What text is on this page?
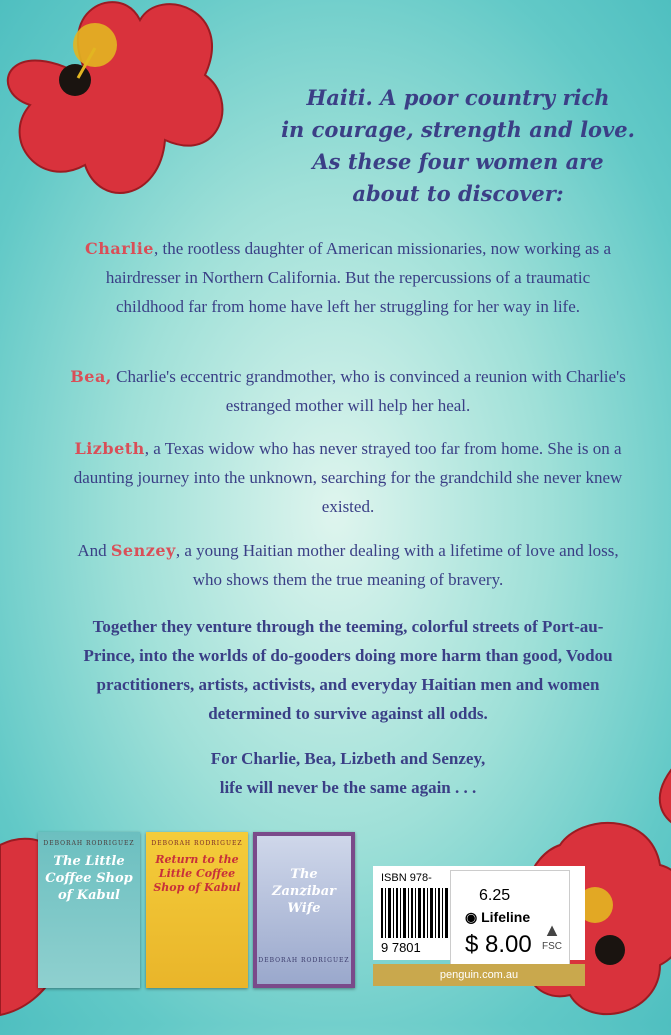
Haiti. A poor country rich
in courage, strength and love.
As these four women are
about to discover:
Charlie, the rootless daughter of American missionaries, now working as a hairdresser in Northern California. But the repercussions of a traumatic childhood far from home have left her struggling for her way in life.
Bea, Charlie's eccentric grandmother, who is convinced a reunion with Charlie's estranged mother will help her heal.
Lizbeth, a Texas widow who has never strayed too far from home. She is on a daunting journey into the unknown, searching for the grandchild she never knew existed.
And Senzey, a young Haitian mother dealing with a lifetime of love and loss, who shows them the true meaning of bravery.
Together they venture through the teeming, colorful streets of Port-au-Prince, into the worlds of do-gooders doing more harm than good, Vodou practitioners, artists, activists, and everyday Haitian men and women determined to survive against all odds.
For Charlie, Bea, Lizbeth and Senzey,
life will never be the same again . . .
DEBORAH RODRIGUEZ
The Little Coffee Shop of Kabul
DEBORAH RODRIGUEZ
Return to the Little Coffee Shop of Kabul
The Zanzibar Wife
DEBORAH RODRIGUEZ
ISBN 978-
9 7801
6.25
◉ Lifeline
$ 8.00
▲
FSC
penguin.com.au
